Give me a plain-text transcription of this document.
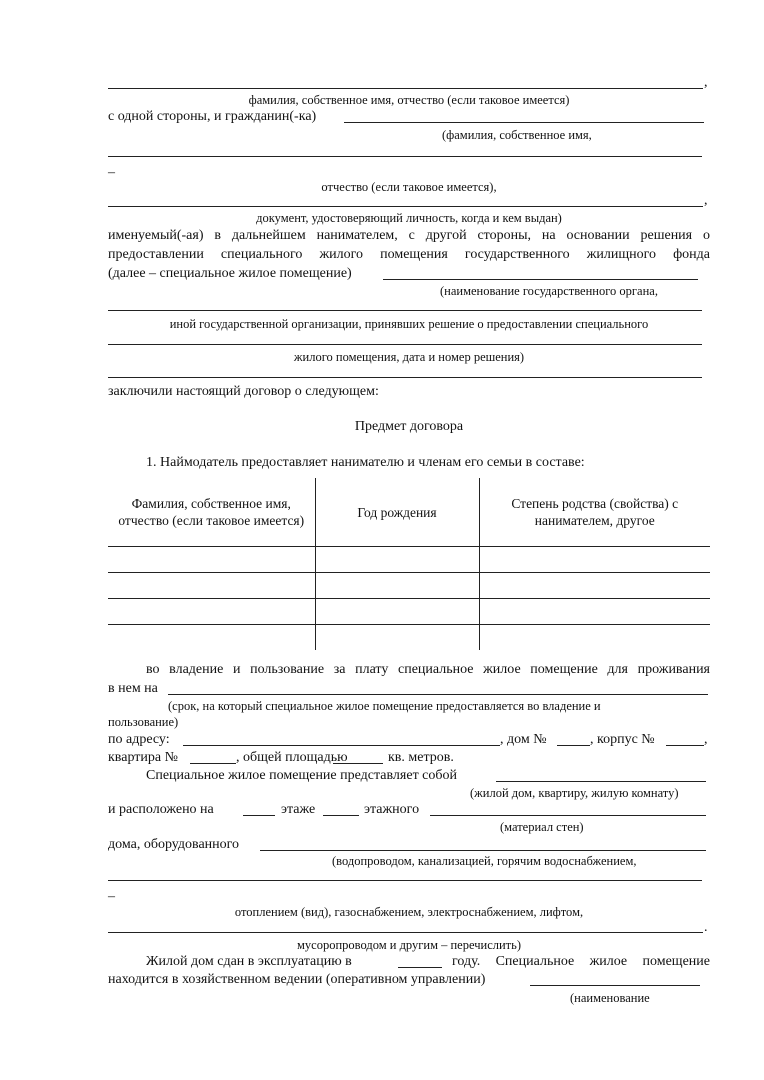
,
фамилия, собственное имя, отчество (если таковое имеется)
с одной стороны, и гражданин(-ка)
(фамилия, собственное имя,
–
отчество (если таковое имеется),
,
документ, удостоверяющий личность, когда и кем выдан)
именуемый(-ая) в дальнейшем нанимателем, с другой стороны, на основании решения о
предоставлении специального жилого помещения государственного жилищного фонда
(далее – специальное жилое помещение)
(наименование государственного органа,
иной государственной организации, принявших решение о предоставлении специального
жилого помещения, дата и номер решения)
заключили настоящий договор о следующем:
Предмет договора
1. Наймодатель предоставляет нанимателю и членам его семьи в составе:
Фамилия, собственное имя, отчество (если таковое имеется)	Год рождения	Степень родства (свойства) с нанимателем, другое

во владение и пользование за плату специальное жилое помещение для проживания
в нем на
(срок, на который специальное жилое помещение предоставляется во владение и
пользование)
по адресу:	, дом №	, корпус №	,
квартира №	, общей площадью	кв. метров.
Специальное жилое помещение представляет собой
(жилой дом, квартиру, жилую комнату)
и расположено на	этаже	этажного
(материал стен)
дома, оборудованного
(водопроводом, канализацией, горячим водоснабжением,
–
отоплением (вид), газоснабжением, электроснабжением, лифтом,
.
мусоропроводом и другим – перечислить)
Жилой дом сдан в эксплуатацию в	году. Специальное жилое помещение
находится в хозяйственном ведении (оперативном управлении)
(наименование
